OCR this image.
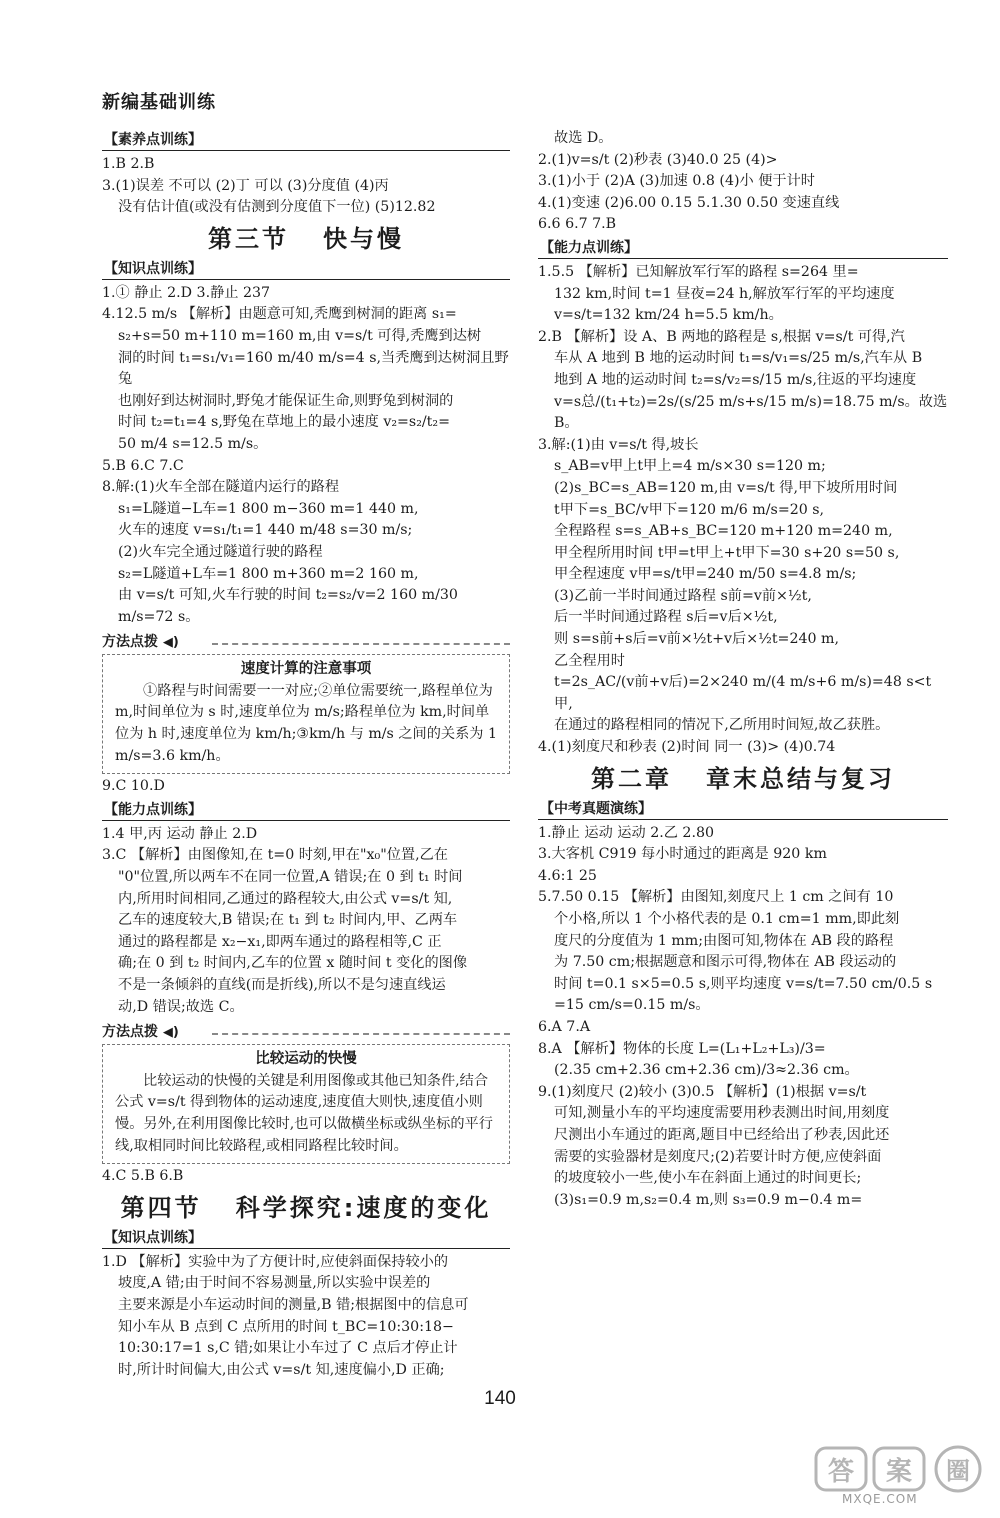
新编基础训练
【素养点训练】
1.B 2.B
3.(1)误差 不可以 (2)丁 可以 (3)分度值 (4)丙
没有估计值(或没有估测到分度值下一位) (5)12.82
第三节   快与慢
【知识点训练】
1.① 静止 2.D 3.静止 237
4.12.5 m/s 【解析】由题意可知,秃鹰到树洞的距离 s₁=
s₂+s=50 m+110 m=160 m,由 v=s/t 可得,秃鹰到达树
洞的时间 t₁=s₁/v₁=160 m/40 m/s=4 s,当秃鹰到达树洞且野兔
也刚好到达树洞时,野兔才能保证生命,则野兔到树洞的
时间 t₂=t₁=4 s,野兔在草地上的最小速度 v₂=s₂/t₂=
50 m/4 s=12.5 m/s。
5.B 6.C 7.C
8.解:(1)火车全部在隧道内运行的路程
s₁=L隧道−L车=1 800 m−360 m=1 440 m,
火车的速度 v=s₁/t₁=1 440 m/48 s=30 m/s;
(2)火车完全通过隧道行驶的路程
s₂=L隧道+L车=1 800 m+360 m=2 160 m,
由 v=s/t 可知,火车行驶的时间 t₂=s₂/v=2 160 m/30 m/s=72 s。
方法点拨 ◀)
速度计算的注意事项
①路程与时间需要一一对应;②单位需要统一,路程单位为 m,时间单位为 s 时,速度单位为 m/s;路程单位为 km,时间单位为 h 时,速度单位为 km/h;③km/h 与 m/s 之间的关系为 1 m/s=3.6 km/h。
9.C 10.D
【能力点训练】
1.4 甲,丙 运动 静止 2.D
3.C 【解析】由图像知,在 t=0 时刻,甲在"x₀"位置,乙在
"0"位置,所以两车不在同一位置,A 错误;在 0 到 t₁ 时间
内,所用时间相同,乙通过的路程较大,由公式 v=s/t 知,
乙车的速度较大,B 错误;在 t₁ 到 t₂ 时间内,甲、乙两车
通过的路程都是 x₂−x₁,即两车通过的路程相等,C 正
确;在 0 到 t₂ 时间内,乙车的位置 x 随时间 t 变化的图像
不是一条倾斜的直线(而是折线),所以不是匀速直线运
动,D 错误;故选 C。
方法点拨 ◀)
比较运动的快慢
比较运动的快慢的关键是利用图像或其他已知条件,结合公式 v=s/t 得到物体的运动速度,速度值大则快,速度值小则慢。另外,在利用图像比较时,也可以做横坐标或纵坐标的平行线,取相同时间比较路程,或相同路程比较时间。
4.C 5.B 6.B
第四节   科学探究:速度的变化
【知识点训练】
1.D 【解析】实验中为了方便计时,应使斜面保持较小的
坡度,A 错;由于时间不容易测量,所以实验中误差的
主要来源是小车运动时间的测量,B 错;根据图中的信息可
知小车从 B 点到 C 点所用的时间 t_BC=10:30:18−
10:30:17=1 s,C 错;如果让小车过了 C 点后才停止计
时,所计时间偏大,由公式 v=s/t 知,速度偏小,D 正确;
故选 D。
2.(1)v=s/t (2)秒表 (3)40.0 25 (4)>
3.(1)小于 (2)A (3)加速 0.8 (4)小 便于计时
4.(1)变速 (2)6.00 0.15 5.1.30 0.50 变速直线
6.6 6.7 7.B
【能力点训练】
1.5.5 【解析】已知解放军行军的路程 s=264 里=
132 km,时间 t=1 昼夜=24 h,解放军行军的平均速度
v=s/t=132 km/24 h=5.5 km/h。
2.B 【解析】设 A、B 两地的路程是 s,根据 v=s/t 可得,汽
车从 A 地到 B 地的运动时间 t₁=s/v₁=s/25 m/s,汽车从 B
地到 A 地的运动时间 t₂=s/v₂=s/15 m/s,往返的平均速度
v=s总/(t₁+t₂)=2s/(s/25 m/s+s/15 m/s)=18.75 m/s。故选 B。
3.解:(1)由 v=s/t 得,坡长
s_AB=v甲上t甲上=4 m/s×30 s=120 m;
(2)s_BC=s_AB=120 m,由 v=s/t 得,甲下坡所用时间
t甲下=s_BC/v甲下=120 m/6 m/s=20 s,
全程路程 s=s_AB+s_BC=120 m+120 m=240 m,
甲全程所用时间 t甲=t甲上+t甲下=30 s+20 s=50 s,
甲全程速度 v甲=s/t甲=240 m/50 s=4.8 m/s;
(3)乙前一半时间通过路程 s前=v前×½t,
后一半时间通过路程 s后=v后×½t,
则 s=s前+s后=v前×½t+v后×½t=240 m,
乙全程用时
t=2s_AC/(v前+v后)=2×240 m/(4 m/s+6 m/s)=48 s<t甲,
在通过的路程相同的情况下,乙所用时间短,故乙获胜。
4.(1)刻度尺和秒表 (2)时间 同一 (3)> (4)0.74
第二章   章末总结与复习
【中考真题演练】
1.静止 运动 运动 2.乙 2.80
3.大客机 C919 每小时通过的距离是 920 km
4.6:1 25
5.7.50 0.15 【解析】由图知,刻度尺上 1 cm 之间有 10
个小格,所以 1 个小格代表的是 0.1 cm=1 mm,即此刻
度尺的分度值为 1 mm;由图可知,物体在 AB 段的路程
为 7.50 cm;根据题意和图示可得,物体在 AB 段运动的
时间 t=0.1 s×5=0.5 s,则平均速度 v=s/t=7.50 cm/0.5 s
=15 cm/s=0.15 m/s。
6.A 7.A
8.A 【解析】物体的长度 L=(L₁+L₂+L₃)/3=
(2.35 cm+2.36 cm+2.36 cm)/3≈2.36 cm。
9.(1)刻度尺 (2)较小 (3)0.5 【解析】(1)根据 v=s/t
可知,测量小车的平均速度需要用秒表测出时间,用刻度
尺测出小车通过的距离,题目中已经给出了秒表,因此还
需要的实验器材是刻度尺;(2)若要计时方便,应使斜面
的坡度较小一些,使小车在斜面上通过的时间更长;
(3)s₁=0.9 m,s₂=0.4 m,则 s₃=0.9 m−0.4 m=
140
答 案 圈
MXQE.COM
